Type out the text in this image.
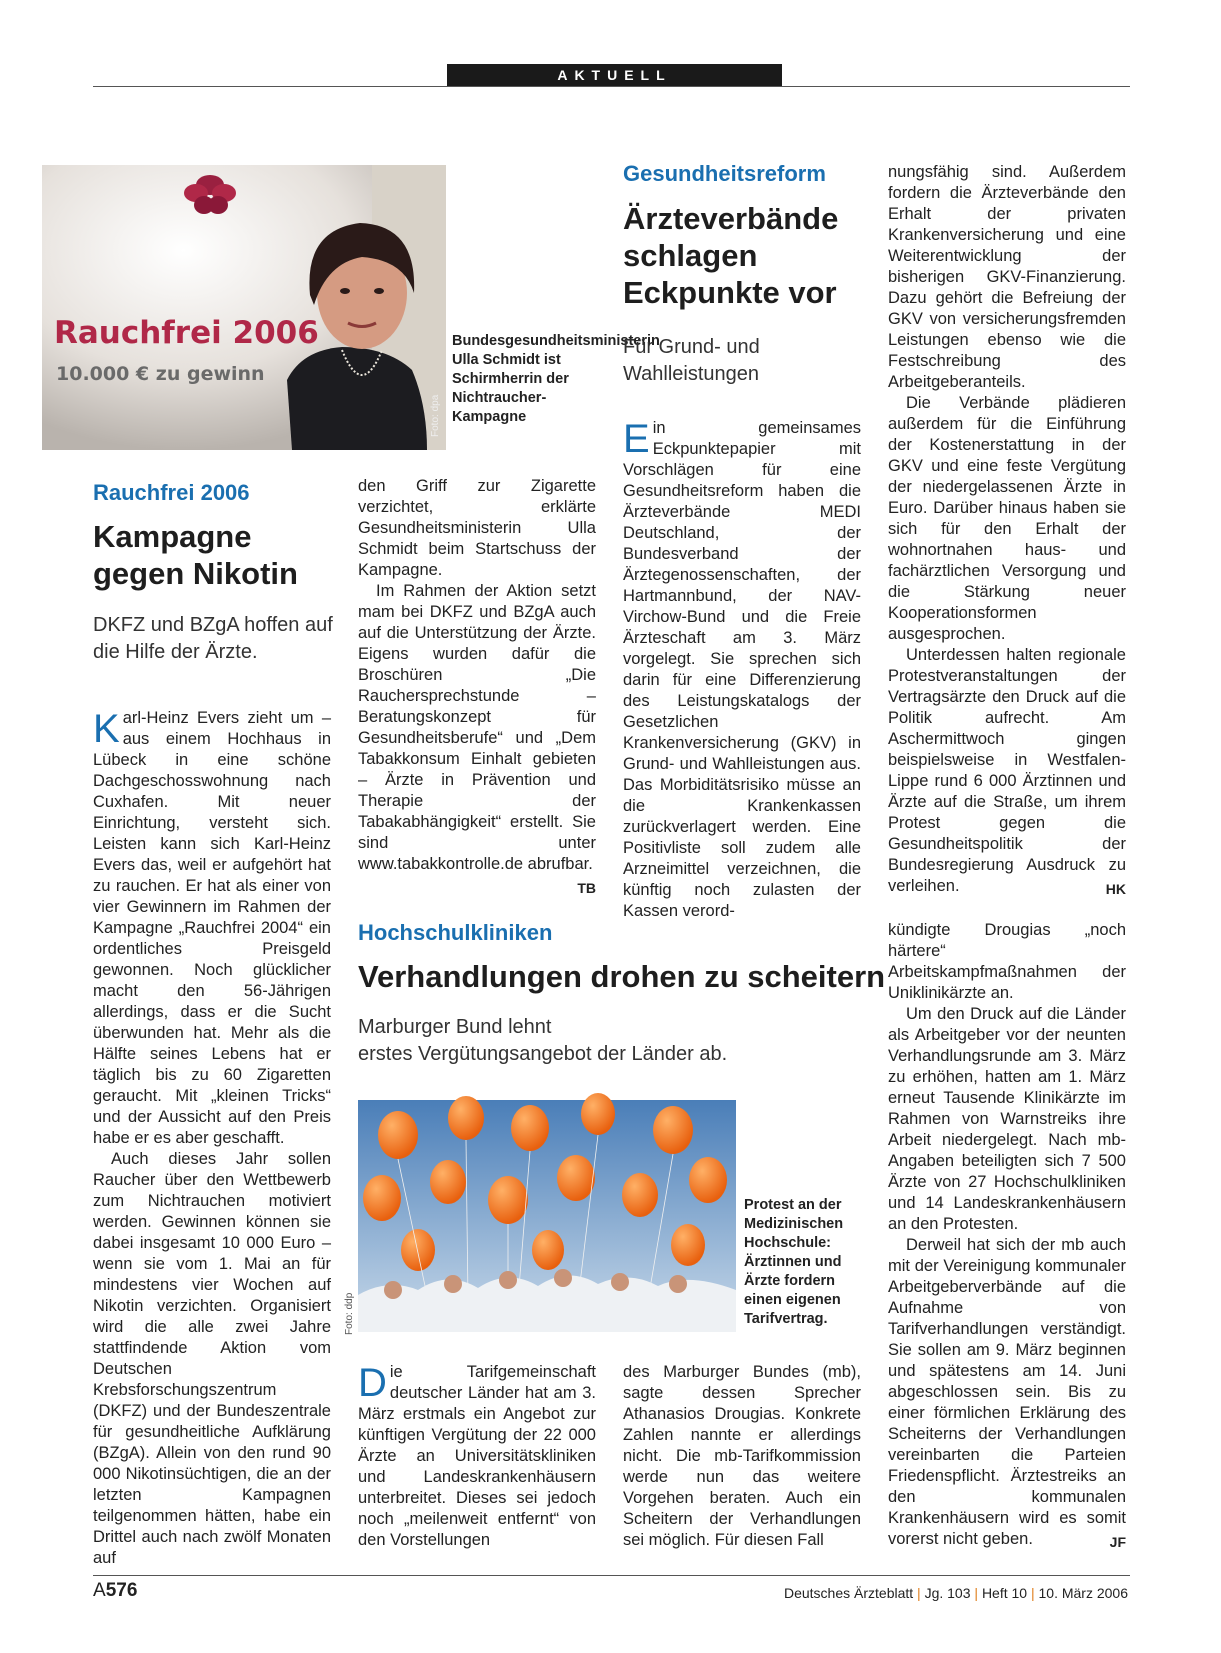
AKTUELL
Rauchfrei 2006
10.000 € zu gewinn
Foto: dpa
Bundesgesundheitsministerin Ulla Schmidt ist Schirmherrin der Nichtraucher-Kampagne
Rauchfrei 2006
Kampagne gegen Nikotin
DKFZ und BZgA hoffen auf die Hilfe der Ärzte.

Karl-Heinz Evers zieht um – aus einem Hochhaus in Lübeck in eine schöne Dachgeschosswohnung nach Cuxhafen. Mit neuer Einrichtung, versteht sich. Leisten kann sich Karl-Heinz Evers das, weil er aufgehört hat zu rauchen. Er hat als einer von vier Gewinnern im Rahmen der Kampagne „Rauchfrei 2004“ ein ordentliches Preisgeld gewonnen. Noch glücklicher macht den 56-Jährigen allerdings, dass er die Sucht überwunden hat. Mehr als die Hälfte seines Lebens hat er täglich bis zu 60 Zigaretten geraucht. Mit „kleinen Tricks“ und der Aussicht auf den Preis habe er es aber geschafft.

Auch dieses Jahr sollen Raucher über den Wettbewerb zum Nichtrauchen motiviert werden. Gewinnen können sie dabei insgesamt 10 000 Euro – wenn sie vom 1. Mai an für mindestens vier Wochen auf Nikotin verzichten. Organisiert wird die alle zwei Jahre stattfindende Aktion vom Deutschen Krebsforschungszentrum (DKFZ) und der Bundeszentrale für gesundheitliche Aufklärung (BZgA). Allein von den rund 90 000 Nikotinsüchtigen, die an der letzten Kampagnen teilgenommen hätten, habe ein Drittel auch nach zwölf Monaten auf

den Griff zur Zigarette verzichtet, erklärte Gesundheitsministerin Ulla Schmidt beim Startschuss der Kampagne.

Im Rahmen der Aktion setzt mam bei DKFZ und BZgA auch auf die Unterstützung der Ärzte. Eigens wurden dafür die Broschüren „Die Rauchersprechstunde – Beratungskonzept für Gesundheitsberufe“ und „Dem Tabakkonsum Einhalt gebieten – Ärzte in Prävention und Therapie der Tabakabhängigkeit“ erstellt. Sie sind unter www.tabakkontrolle.de abrufbar.
TB

Gesundheitsreform
Ärzteverbände schlagen Eckpunkte vor
Für Grund- und Wahlleistungen

Ein gemeinsames Eckpunktepapier mit Vorschlägen für eine Gesundheitsreform haben die Ärzteverbände MEDI Deutschland, der Bundesverband der Ärztegenossenschaften, der Hartmannbund, der NAV-Virchow-Bund und die Freie Ärzteschaft am 3. März vorgelegt. Sie sprechen sich darin für eine Differenzierung des Leistungskatalogs der Gesetzlichen Krankenversicherung (GKV) in Grund- und Wahlleistungen aus. Das Morbiditätsrisiko müsse an die Krankenkassen zurückverlagert werden. Eine Positivliste soll zudem alle Arzneimittel verzeichnen, die künftig noch zulasten der Kassen verord-

nungsfähig sind. Außerdem fordern die Ärzteverbände den Erhalt der privaten Krankenversicherung und eine Weiterentwicklung der bisherigen GKV-Finanzierung. Dazu gehört die Befreiung der GKV von versicherungsfremden Leistungen ebenso wie die Festschreibung des Arbeitgeberanteils.

Die Verbände plädieren außerdem für die Einführung der Kostenerstattung in der GKV und eine feste Vergütung der niedergelassenen Ärzte in Euro. Darüber hinaus haben sie sich für den Erhalt der wohnortnahen haus- und fachärztlichen Versorgung und die Stärkung neuer Kooperationsformen ausgesprochen.

Unterdessen halten regionale Protestveranstaltungen der Vertragsärzte den Druck auf die Politik aufrecht. Am Aschermittwoch gingen beispielsweise in Westfalen-Lippe rund 6 000 Ärztinnen und Ärzte auf die Straße, um ihrem Protest gegen die Gesundheitspolitik der Bundesregierung Ausdruck zu verleihen.	HK

Hochschulkliniken
Verhandlungen drohen zu scheitern
Marburger Bund lehnt
erstes Vergütungsangebot der Länder ab.
Foto: ddp
Protest an der Medizinischen Hochschule: Ärztinnen und Ärzte fordern einen eigenen Tarifvertrag.

Die Tarifgemeinschaft deutscher Länder hat am 3. März erstmals ein Angebot zur künftigen Vergütung der 22 000 Ärzte an Universitätskliniken und Landeskrankenhäusern unterbreitet. Dieses sei jedoch noch „meilenweit entfernt“ von den Vorstellungen

des Marburger Bundes (mb), sagte dessen Sprecher Athanasios Drougias. Konkrete Zahlen nannte er allerdings nicht. Die mb-Tarifkommission werde nun das weitere Vorgehen beraten. Auch ein Scheitern der Verhandlungen sei möglich. Für diesen Fall

kündigte Drougias „noch härtere“ Arbeitskampfmaßnahmen der Uniklinikärzte an.

Um den Druck auf die Länder als Arbeitgeber vor der neunten Verhandlungsrunde am 3. März zu erhöhen, hatten am 1. März erneut Tausende Klinikärzte im Rahmen von Warnstreiks ihre Arbeit niedergelegt. Nach mb-Angaben beteiligten sich 7 500 Ärzte von 27 Hochschulkliniken und 14 Landeskrankenhäusern an den Protesten.

Derweil hat sich der mb auch mit der Vereinigung kommunaler Arbeitgeberverbände auf die Aufnahme von Tarifverhandlungen verständigt. Sie sollen am 9. März beginnen und spätestens am 14. Juni abgeschlossen sein. Bis zu einer förmlichen Erklärung des Scheiterns der Verhandlungen vereinbarten die Parteien Friedenspflicht. Ärztestreiks an den kommunalen Krankenhäusern wird es somit vorerst nicht geben.	JF

A576	Deutsches Ärzteblatt | Jg. 103 | Heft 10 | 10. März 2006
